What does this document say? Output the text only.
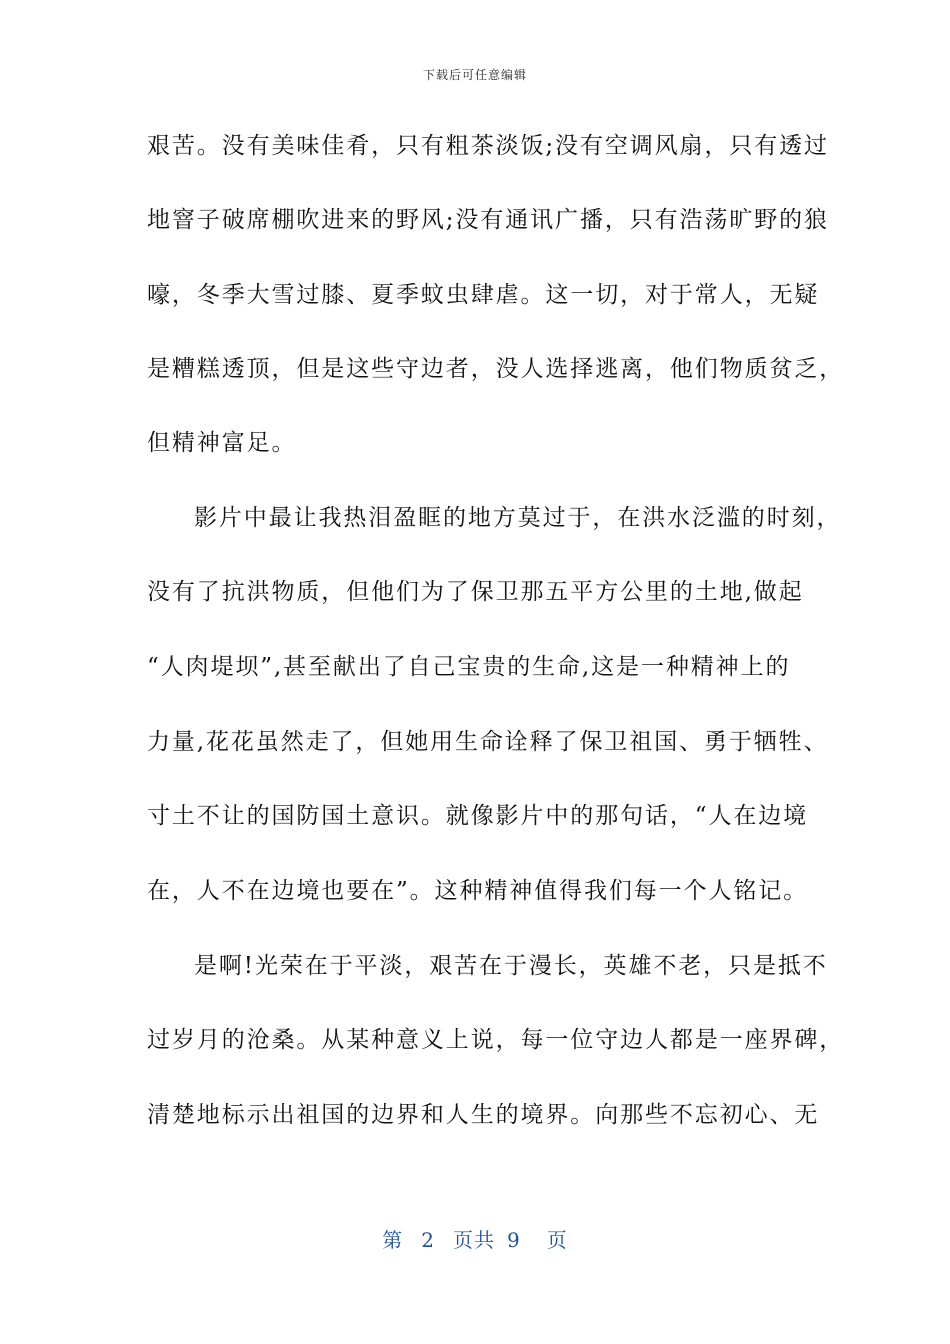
下载后可任意编辑
艰苦。没有美味佳肴，只有粗茶淡饭;没有空调风扇，只有透过
地窨子破席棚吹进来的野风;没有通讯广播，只有浩荡旷野的狼
嚎，冬季大雪过膝、夏季蚊虫肆虐。这一切，对于常人，无疑
是糟糕透顶，但是这些守边者，没人选择逃离，他们物质贫乏，
但精神富足。
影片中最让我热泪盈眶的地方莫过于，在洪水泛滥的时刻，
没有了抗洪物质，但他们为了保卫那五平方公里的土地,做起
“人肉堤坝”,甚至献出了自己宝贵的生命,这是一种精神上的
力量,花花虽然走了，但她用生命诠释了保卫祖国、勇于牺牲、
寸土不让的国防国土意识。就像影片中的那句话，“人在边境
在，人不在边境也要在”。这种精神值得我们每一个人铭记。
是啊!光荣在于平淡，艰苦在于漫长，英雄不老，只是抵不
过岁月的沧桑。从某种意义上说，每一位守边人都是一座界碑，
清楚地标示出祖国的边界和人生的境界。向那些不忘初心、无
第 2 页共 9 页
